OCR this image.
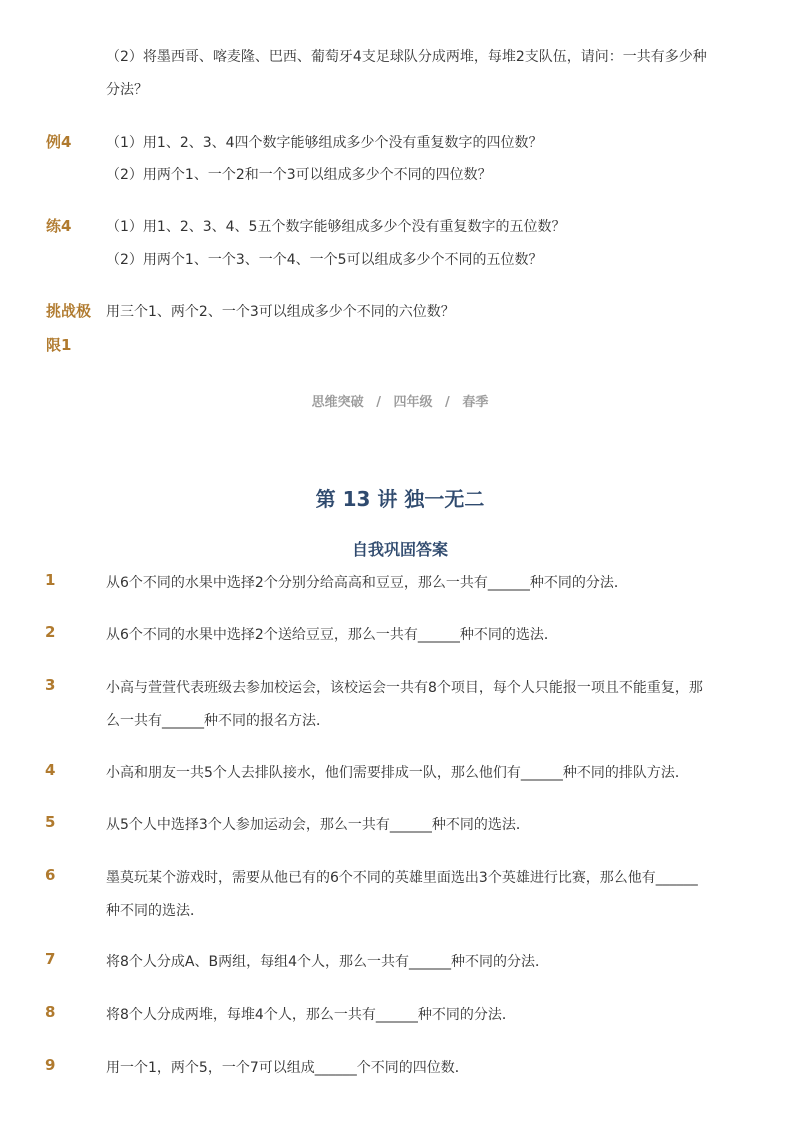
（2）将墨西哥、喀麦隆、巴西、葡萄牙4支足球队分成两堆，每堆2支队伍，请问：一共有多少种
分法？
例4 （1）用1、2、3、4四个数字能够组成多少个没有重复数字的四位数？
（2）用两个1、一个2和一个3可以组成多少个不同的四位数？
练4 （1）用1、2、3、4、5五个数字能够组成多少个没有重复数字的五位数？
（2）用两个1、一个3、一个4、一个5可以组成多少个不同的五位数？
挑战极
限1
用三个1、两个2、一个3可以组成多少个不同的六位数？
思维突破 / 四年级 / 春季
第 13 讲 独一无二
自我巩固答案
1	从6个不同的水果中选择2个分别分给高高和豆豆，那么一共有______种不同的分法．
2	从6个不同的水果中选择2个送给豆豆，那么一共有______种不同的选法．
3	小高与萱萱代表班级去参加校运会，该校运会一共有8个项目，每个人只能报一项且不能重复，那
么一共有______种不同的报名方法．
4	小高和朋友一共5个人去排队接水，他们需要排成一队，那么他们有______种不同的排队方法．
5	从5个人中选择3个人参加运动会，那么一共有______种不同的选法．
6	墨莫玩某个游戏时，需要从他已有的6个不同的英雄里面选出3个英雄进行比赛，那么他有______
种不同的选法．
7	将8个人分成A、B两组，每组4个人，那么一共有______种不同的分法．
8	将8个人分成两堆，每堆4个人，那么一共有______种不同的分法．
9	用一个1，两个5，一个7可以组成______个不同的四位数．
